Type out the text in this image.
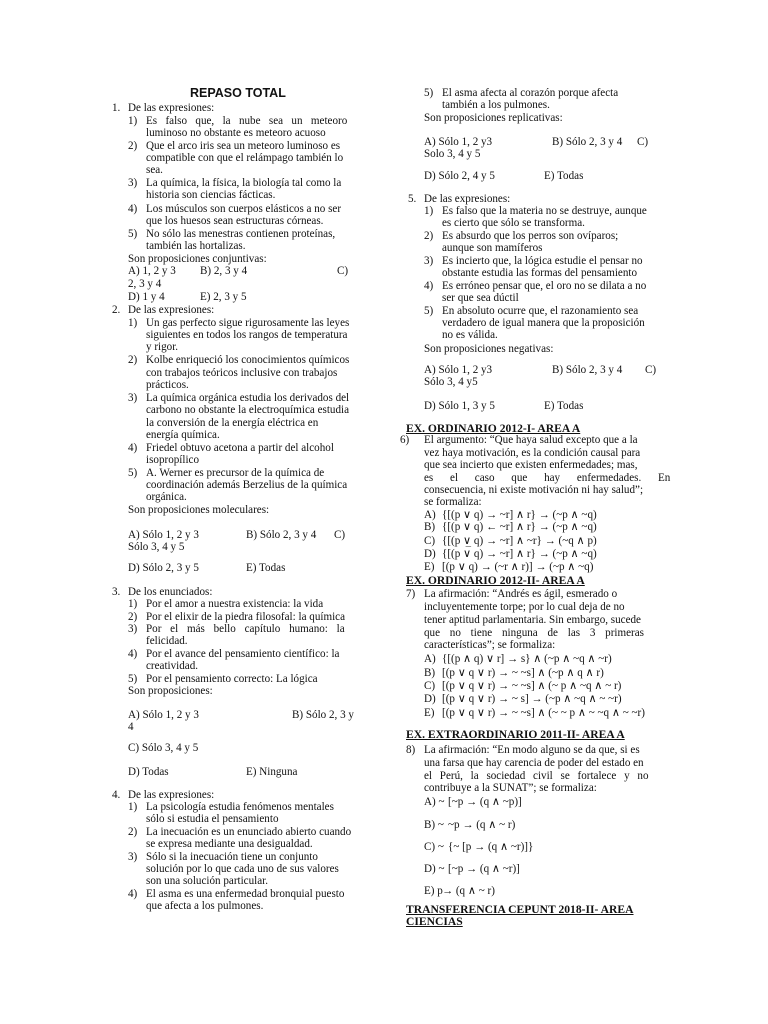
REPASO TOTAL
1. De las expresiones:
1) Es falso que, la nube sea un meteoro
luminoso no obstante es meteoro acuoso
2) Que el arco iris sea un meteoro luminoso es
compatible con que el relámpago también lo
sea.
3) La química, la física, la biología tal como la
historia son ciencias fácticas.
4) Los músculos son cuerpos elásticos a no ser
que los huesos sean estructuras córneas.
5) No sólo las menestras contienen proteínas,
también las hortalizas.
Son proposiciones conjuntivas:
A) 1, 2 y 3 B) 2, 3 y 4	C)
2, 3 y 4
D) 1 y 4	E) 2, 3 y 5
2. De las expresiones:
1) Un gas perfecto sigue rigurosamente las leyes
siguientes en todos los rangos de temperatura
y rigor.
2) Kolbe enriqueció los conocimientos químicos
con trabajos teóricos inclusive con trabajos
prácticos.
3) La química orgánica estudia los derivados del
carbono no obstante la electroquímica estudia
la conversión de la energía eléctrica en
energía química.
4) Friedel obtuvo acetona a partir del alcohol
isopropílico
5) A. Werner es precursor de la química de
coordinación además Berzelius de la química
orgánica.
Son proposiciones moleculares:
A) Sólo 1, 2 y 3	B) Sólo 2, 3 y 4 C)
Sólo 3, 4 y 5
D) Sólo 2, 3 y 5	E) Todas
3. De los enunciados:
1) Por el amor a nuestra existencia: la vida
2) Por el elixir de la piedra filosofal: la química
3) Por el más bello capítulo humano: la
felicidad.
4) Por el avance del pensamiento científico: la
creatividad.
5) Por el pensamiento correcto: La lógica
Son proposiciones:
A) Sólo 1, 2 y 3	B) Sólo 2, 3 y
4
C) Sólo 3, 4 y 5
D) Todas	E) Ninguna
4. De las expresiones:
1) La psicología estudia fenómenos mentales
sólo si estudia el pensamiento
2) La inecuación es un enunciado abierto cuando
se expresa mediante una desigualdad.
3) Sólo si la inecuación tiene un conjunto
solución por lo que cada uno de sus valores
son una solución particular.
4) El asma es una enfermedad bronquial puesto
que afecta a los pulmones.
5) El asma afecta al corazón porque afecta
también a los pulmones.
Son proposiciones replicativas:
A) Sólo 1, 2 y3	B) Sólo 2, 3 y 4 C)
Solo 3, 4 y 5
D) Sólo 2, 4 y 5	E) Todas
5. De las expresiones:
1) Es falso que la materia no se destruye, aunque
es cierto que sólo se transforma.
2) Es absurdo que los perros son ovíparos;
aunque son mamíferos
3) Es incierto que, la lógica estudie el pensar no
obstante estudia las formas del pensamiento
4) Es erróneo pensar que, el oro no se dilata a no
ser que sea dúctil
5) En absoluto ocurre que, el razonamiento sea
verdadero de igual manera que la proposición
no es válida.
Son proposiciones negativas:
A) Sólo 1, 2 y3	B) Sólo 2, 3 y 4 C)
Sólo 3, 4 y5
D) Sólo 1, 3 y 5	E) Todas
EX. ORDINARIO 2012-I- AREA A
6) El argumento: “Que haya salud excepto que a la
vez haya motivación, es la condición causal para
que sea incierto que existen enfermedades; mas,
es el caso que hay enfermedades. En
consecuencia, ni existe motivación ni hay salud”;
se formaliza:
A) {[(p ∨ q) → ~r] ∧ r} → (~p ∧ ~q)
B) {[(p ∨ q) ← ~r] ∧ r} → (~p ∧ ~q)
C) {[(p ∨̲ q) → ~r] ∧ ~r} → (~q ∧ p)
D) {[(p ∨ q) → ~r] ∧ r} → (~p ∧ ~q)
E) [(p ∨ q) → (~r ∧ r)] → (~p ∧ ~q)
EX. ORDINARIO 2012-II- AREA A
7) La afirmación: “Andrés es ágil, esmerado o
incluyentemente torpe; por lo cual deja de no
tener aptitud parlamentaria. Sin embargo, sucede
que no tiene ninguna de las 3 primeras
características”; se formaliza:
A) {[(p ∧ q) ∨ r] → s} ∧ (~p ∧ ~q ∧ ~r)
B) [(p ∨ q ∨ r) → ~ ~s] ∧ (~p ∧ q ∧ r)
C) [(p ∨ q ∨ r) → ~ ~s] ∧ (~ p ∧ ~q ∧ ~ r)
D) [(p ∨ q ∨ r) → ~ s] → (~p ∧ ~q ∧ ~ ~r)
E) [(p ∨ q ∨ r) → ~ ~s] ∧ (~ ~ p ∧ ~ ~q ∧ ~ ~r)
EX. EXTRAORDINARIO 2011-II- AREA A
8) La afirmación: “En modo alguno se da que, si es
una farsa que hay carencia de poder del estado en
el Perú, la sociedad civil se fortalece y no
contribuye a la SUNAT”; se formaliza:
A) ~ [~p → (q ∧ ~p)]
B) ~ ~p → (q ∧ ~ r)
C) ~ {~ [p → (q ∧ ~r)]}
D) ~ [~p → (q ∧ ~r)]
E) p → (q ∧ ~ r)
TRANSFERENCIA CEPUNT 2018-II- AREA
CIENCIAS
